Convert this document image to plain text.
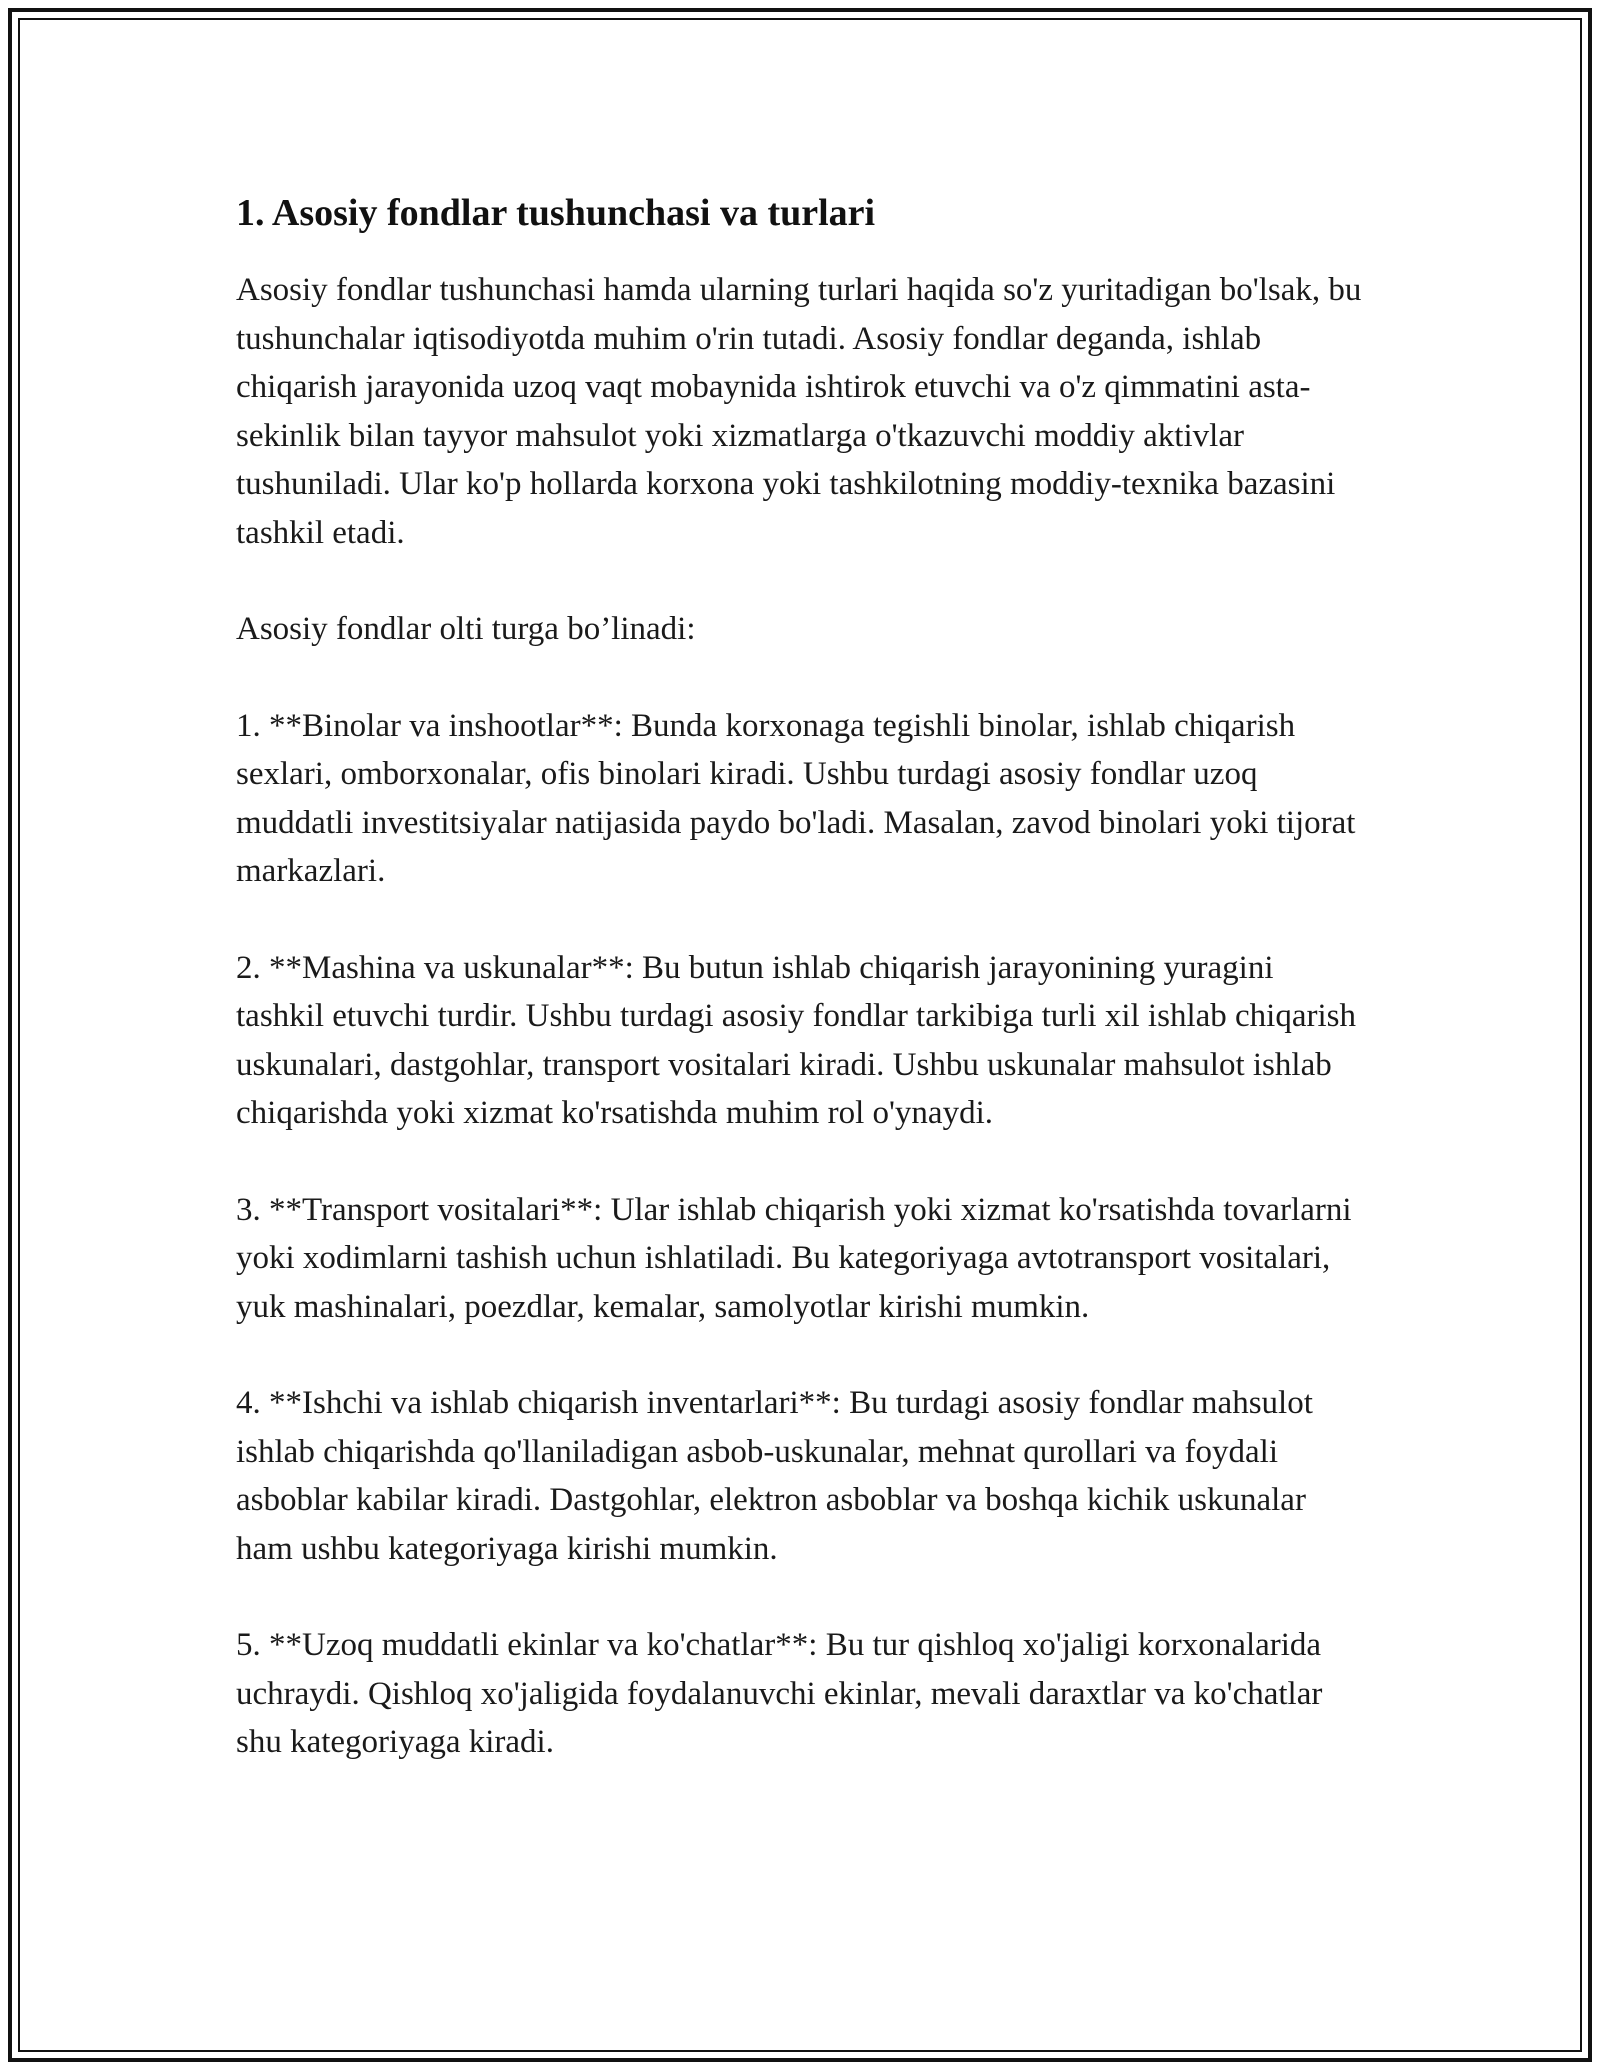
1. Asosiy fondlar tushunchasi va turlari

Asosiy fondlar tushunchasi hamda ularning turlari haqida so'z yuritadigan bo'lsak, bu tushunchalar iqtisodiyotda muhim o'rin tutadi. Asosiy fondlar deganda, ishlab chiqarish jarayonida uzoq vaqt mobaynida ishtirok etuvchi va o'z qimmatini asta-sekinlik bilan tayyor mahsulot yoki xizmatlarga o'tkazuvchi moddiy aktivlar tushuniladi. Ular ko'p hollarda korxona yoki tashkilotning moddiy-texnika bazasini tashkil etadi.

Asosiy fondlar olti turga bo’linadi:

1. **Binolar va inshootlar**: Bunda korxonaga tegishli binolar, ishlab chiqarish sexlari, omborxonalar, ofis binolari kiradi. Ushbu turdagi asosiy fondlar uzoq muddatli investitsiyalar natijasida paydo bo'ladi. Masalan, zavod binolari yoki tijorat markazlari.

2. **Mashina va uskunalar**: Bu butun ishlab chiqarish jarayonining yuragini tashkil etuvchi turdir. Ushbu turdagi asosiy fondlar tarkibiga turli xil ishlab chiqarish uskunalari, dastgohlar, transport vositalari kiradi. Ushbu uskunalar mahsulot ishlab chiqarishda yoki xizmat ko'rsatishda muhim rol o'ynaydi.

3. **Transport vositalari**: Ular ishlab chiqarish yoki xizmat ko'rsatishda tovarlarni yoki xodimlarni tashish uchun ishlatiladi. Bu kategoriyaga avtotransport vositalari, yuk mashinalari, poezdlar, kemalar, samolyotlar kirishi mumkin.

4. **Ishchi va ishlab chiqarish inventarlari**: Bu turdagi asosiy fondlar mahsulot ishlab chiqarishda qo'llaniladigan asbob-uskunalar, mehnat qurollari va foydali asboblar kabilar kiradi. Dastgohlar, elektron asboblar va boshqa kichik uskunalar ham ushbu kategoriyaga kirishi mumkin.

5. **Uzoq muddatli ekinlar va ko'chatlar**: Bu tur qishloq xo'jaligi korxonalarida uchraydi. Qishloq xo'jaligida foydalanuvchi ekinlar, mevali daraxtlar va ko'chatlar shu kategoriyaga kiradi.
